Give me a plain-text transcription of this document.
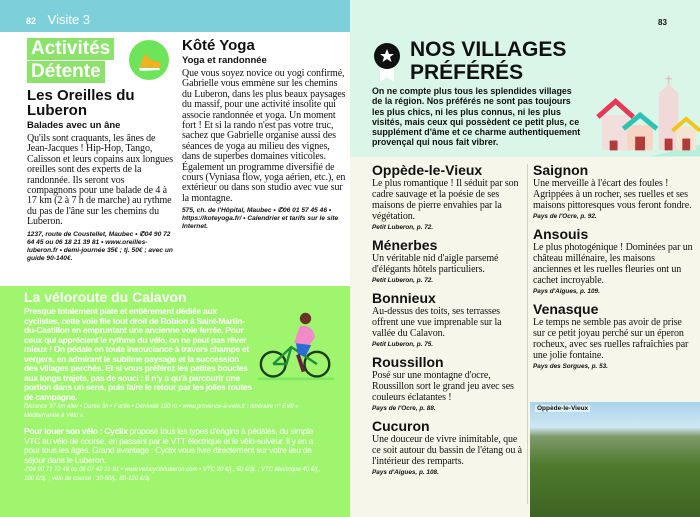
82 Visite 3
Activités
Détente
Les Oreilles du Luberon
Balades avec un âne

Qu'ils sont craquants, les ânes de Jean-Jacques ! Hip-Hop, Tango, Calisson et leurs copains aux longues oreilles sont des experts de la randonnée. Ils seront vos compagnons pour une balade de 4 à 17 km (2 à 7 h de marche) au rythme du pas de l'âne sur les chemins du Luberon.

1237, route de Coustellet, Maubec • ✆04 90 72 64 45 ou 06 18 21 39 81 • www.oreilles-luberon.fr • demi-journée 35€ ; tj. 50€ ; avec un guide 90-140€.

Kôté Yoga
Yoga et randonnée

Que vous soyez novice ou yogi confirmé, Gabrielle vous emmène sur les chemins du Luberon, dans les plus beaux paysages du massif, pour une activité insolite qui associe randonnée et yoga. Un moment fort ! Et si la rando n'est pas votre truc, sachez que Gabrielle organise aussi des séances de yoga au milieu des vignes, dans de superbes domaines viticoles. Également un programme diversifié de cours (Vyniasa flow, yoga aérien, etc.), en extérieur ou dans son studio avec vue sur la montagne.

575, ch. de l'Hôpital, Maubec • ✆06 01 57 45 46 • https://koteyoga.fr/ • Calendrier et tarifs sur le site Internet.

La véloroute du Calavon

Presque totalement plate et entièrement dédiée aux cyclistes, cette voie file tout droit de Robion à Saint-Martin-du-Castillon en empruntant une ancienne voie ferrée. Pour ceux qui apprécient le rythme du vélo, on ne peut pas rêver mieux ! On pédale en toute insouciance à travers champs et vergers, en admirant le sublime paysage et la succession des villages perchés. Et si vous préférez les petites boucles aux longs trajets, pas de souci : il n'y a qu'à parcourir une portion dans un sens, puis faire le retour par les jolies routes de campagne.

Distance 37 km aller • Durée 3h • Facile • Dénivelé 190 m • www.provence-a-velo.fr : itinéraire n° EV8 « Méditerranée à Vélo ».

Pour louer son vélo : Cyclix propose tous les types d'engins à pédales, du simple VTC au vélo de course, en passant par le VTT électrique et le vélo-suiveur. Il y en a pour tous les âges. Grand avantage : Cyclix vous livre directement sur votre lieu de séjour dans le Luberon.

✆04 90 71 72 48 ou 06 07 42 21 91 • www.velocyclixluberon.com • VTC 20 €/j., 50 €/3j. ; VTC électrique 40 €/j., 100 €/3j. ; vélo de course : 30-50/j., 80-120 €/3j.

83
NOS VILLAGES
PRÉFÉRÉS

On ne compte plus tous les splendides villages de la région. Nos préférés ne sont pas toujours les plus chics, ni les plus connus, ni les plus visités, mais ceux qui possèdent ce petit plus, ce supplément d'âme et ce charme authentiquement provençal qui nous fait vibrer.

Oppède-le-Vieux

Le plus romantique ! Il séduit par son cadre sauvage et la poésie de ses maisons de pierre envahies par la végétation.

Petit Luberon, p. 72.

Ménerbes

Un véritable nid d'aigle parsemé d'élégants hôtels particuliers.

Petit Luberon, p. 72.

Bonnieux

Au-dessus des toits, ses terrasses offrent une vue imprenable sur la vallée du Calavon.

Petit Luberon, p. 75.

Roussillon

Posé sur une montagne d'ocre, Roussillon sort le grand jeu avec ses couleurs éclatantes !

Pays de l'Ocre, p. 88.

Cucuron

Une douceur de vivre inimitable, que ce soit autour du bassin de l'étang ou à l'intérieur des remparts.

Pays d'Aigues, p. 108.

Saignon

Une merveille à l'écart des foules ! Agrippées à un rocher, ses ruelles et ses maisons pittoresques vous feront fondre.

Pays de l'Ocre, p. 92.

Ansouis

Le plus photogénique ! Dominées par un château millénaire, les maisons anciennes et les ruelles fleuries ont un cachet incroyable.

Pays d'Aigues, p. 109.

Venasque

Le temps ne semble pas avoir de prise sur ce petit joyau perché sur un éperon rocheux, avec ses ruelles rafraîchies par une jolie fontaine.

Pays des Sorgues, p. 53.

Oppède-le-Vieux
